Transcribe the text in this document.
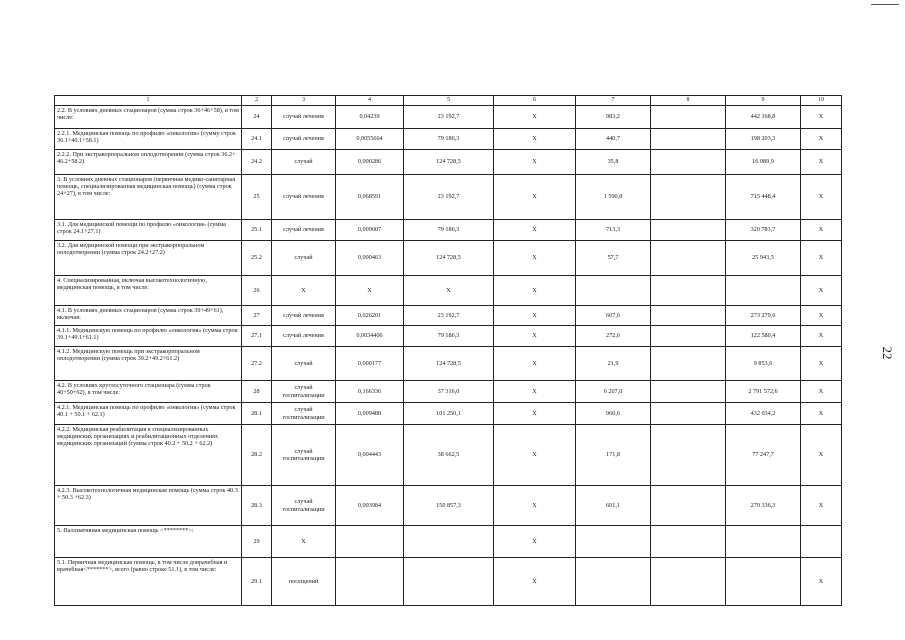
22
1	2	3	4	5	6	7	8	9	10
2.2. В условиях дневных стационаров (сумма строк 36+46+58), в том числе:	24	случай лечения	0,04239	23 192,7	X	983,2		442 168,8	X
2.2.1. Медицинская помощь по профилю «онкология» (сумму строк 36.1+46.1+58.1)	24.1	случай лечения	0,0055664	79 186,3	X	440,7		198 203,3	X
2.2.2. При экстракорпоральном оплодотворении (сумма строк 36.2+ 46.2+58.2)	24.2	случай	0,000286	124 728,5	X	35,8		16 089,9	X
3. В условиях дневных стационаров (первичная медико-санитарная помощь, специализированная медицинская помощь) (сумма строк 24+27), в том числе:	25	случай лечения	0,068591	23 192,7	X	1 590,8		715 448,4	X
3.1. Для медицинской помощи по профилю «онкология» (сумма строк 24.1+27.1)	25.1	случай лечения	0,009007	79 186,3	X	713,3		320 783,7	X
3.2. Для медицинской помощи при экстракорпоральном оплодотворении (сумма строк 24.2+27.2)	25.2	случай	0,000463	124 728,5	X	57,7		25 943,5	X
4. Специализированная, включая высокотехнологичную, медицинская помощь, в том числе:	26	X	X	X	X				X
4.1. В условиях дневных стационаров (сумма строк 39+49+61), включая:	27	случай лечения	0,026201	23 192,7	X	607,6		273 279,6	X
4.1.1. Медицинскую помощь по профилю «онкология» (сумма строк 39.1+49.1+61.1)	27.1	случай лечения	0,0034406	79 186,3	X	272,6		122 580,4	X
4.1.2. Медицинскую помощь при экстракорпоральном оплодотворении (сумма строк 39.2+49.2+61.2)	27.2	случай	0,000177	124 728,5	X	21,9		9 853,6	X
4.2. В условиях круглосуточного стационара (сумма строк 40+50+62), в том числе:	28	случай госпитализации	0,166336	37 316,0	X	6 207,0		2 791 572,6	X
4.2.1. Медицинская помощь по профилю «онкология» (сумма строк 40.1 + 50.1 + 62.1)	28.1	случай госпитализации	0,009488	101 250,1	X	960,6		432 034,2	X
4.2.2. Медицинская реабилитация в специализированных медицинских организациях и реабилитационных отделениях медицинских организаций (сумма строк 40.2 + 50.2 + 62.2)	28.2	случай госпитализации	0,004443	38 662,5	X	171,8		77 247,7	X
4.2.3. Высокотехнологичная медицинская помощь (сумма строк 40.3 + 50.3 +62.3)	28.3	случай госпитализации	0,003984	150 857,3	X	601,1		270 336,3	X
5. Паллиативная медицинская помощь <********>:	29	X			X				
5.1. Первичная медицинская помощь, в том числе доврачебная и врачебная<*******>, всего (равно строке 51.1), в том числе:	29.1	посещений			X				X
